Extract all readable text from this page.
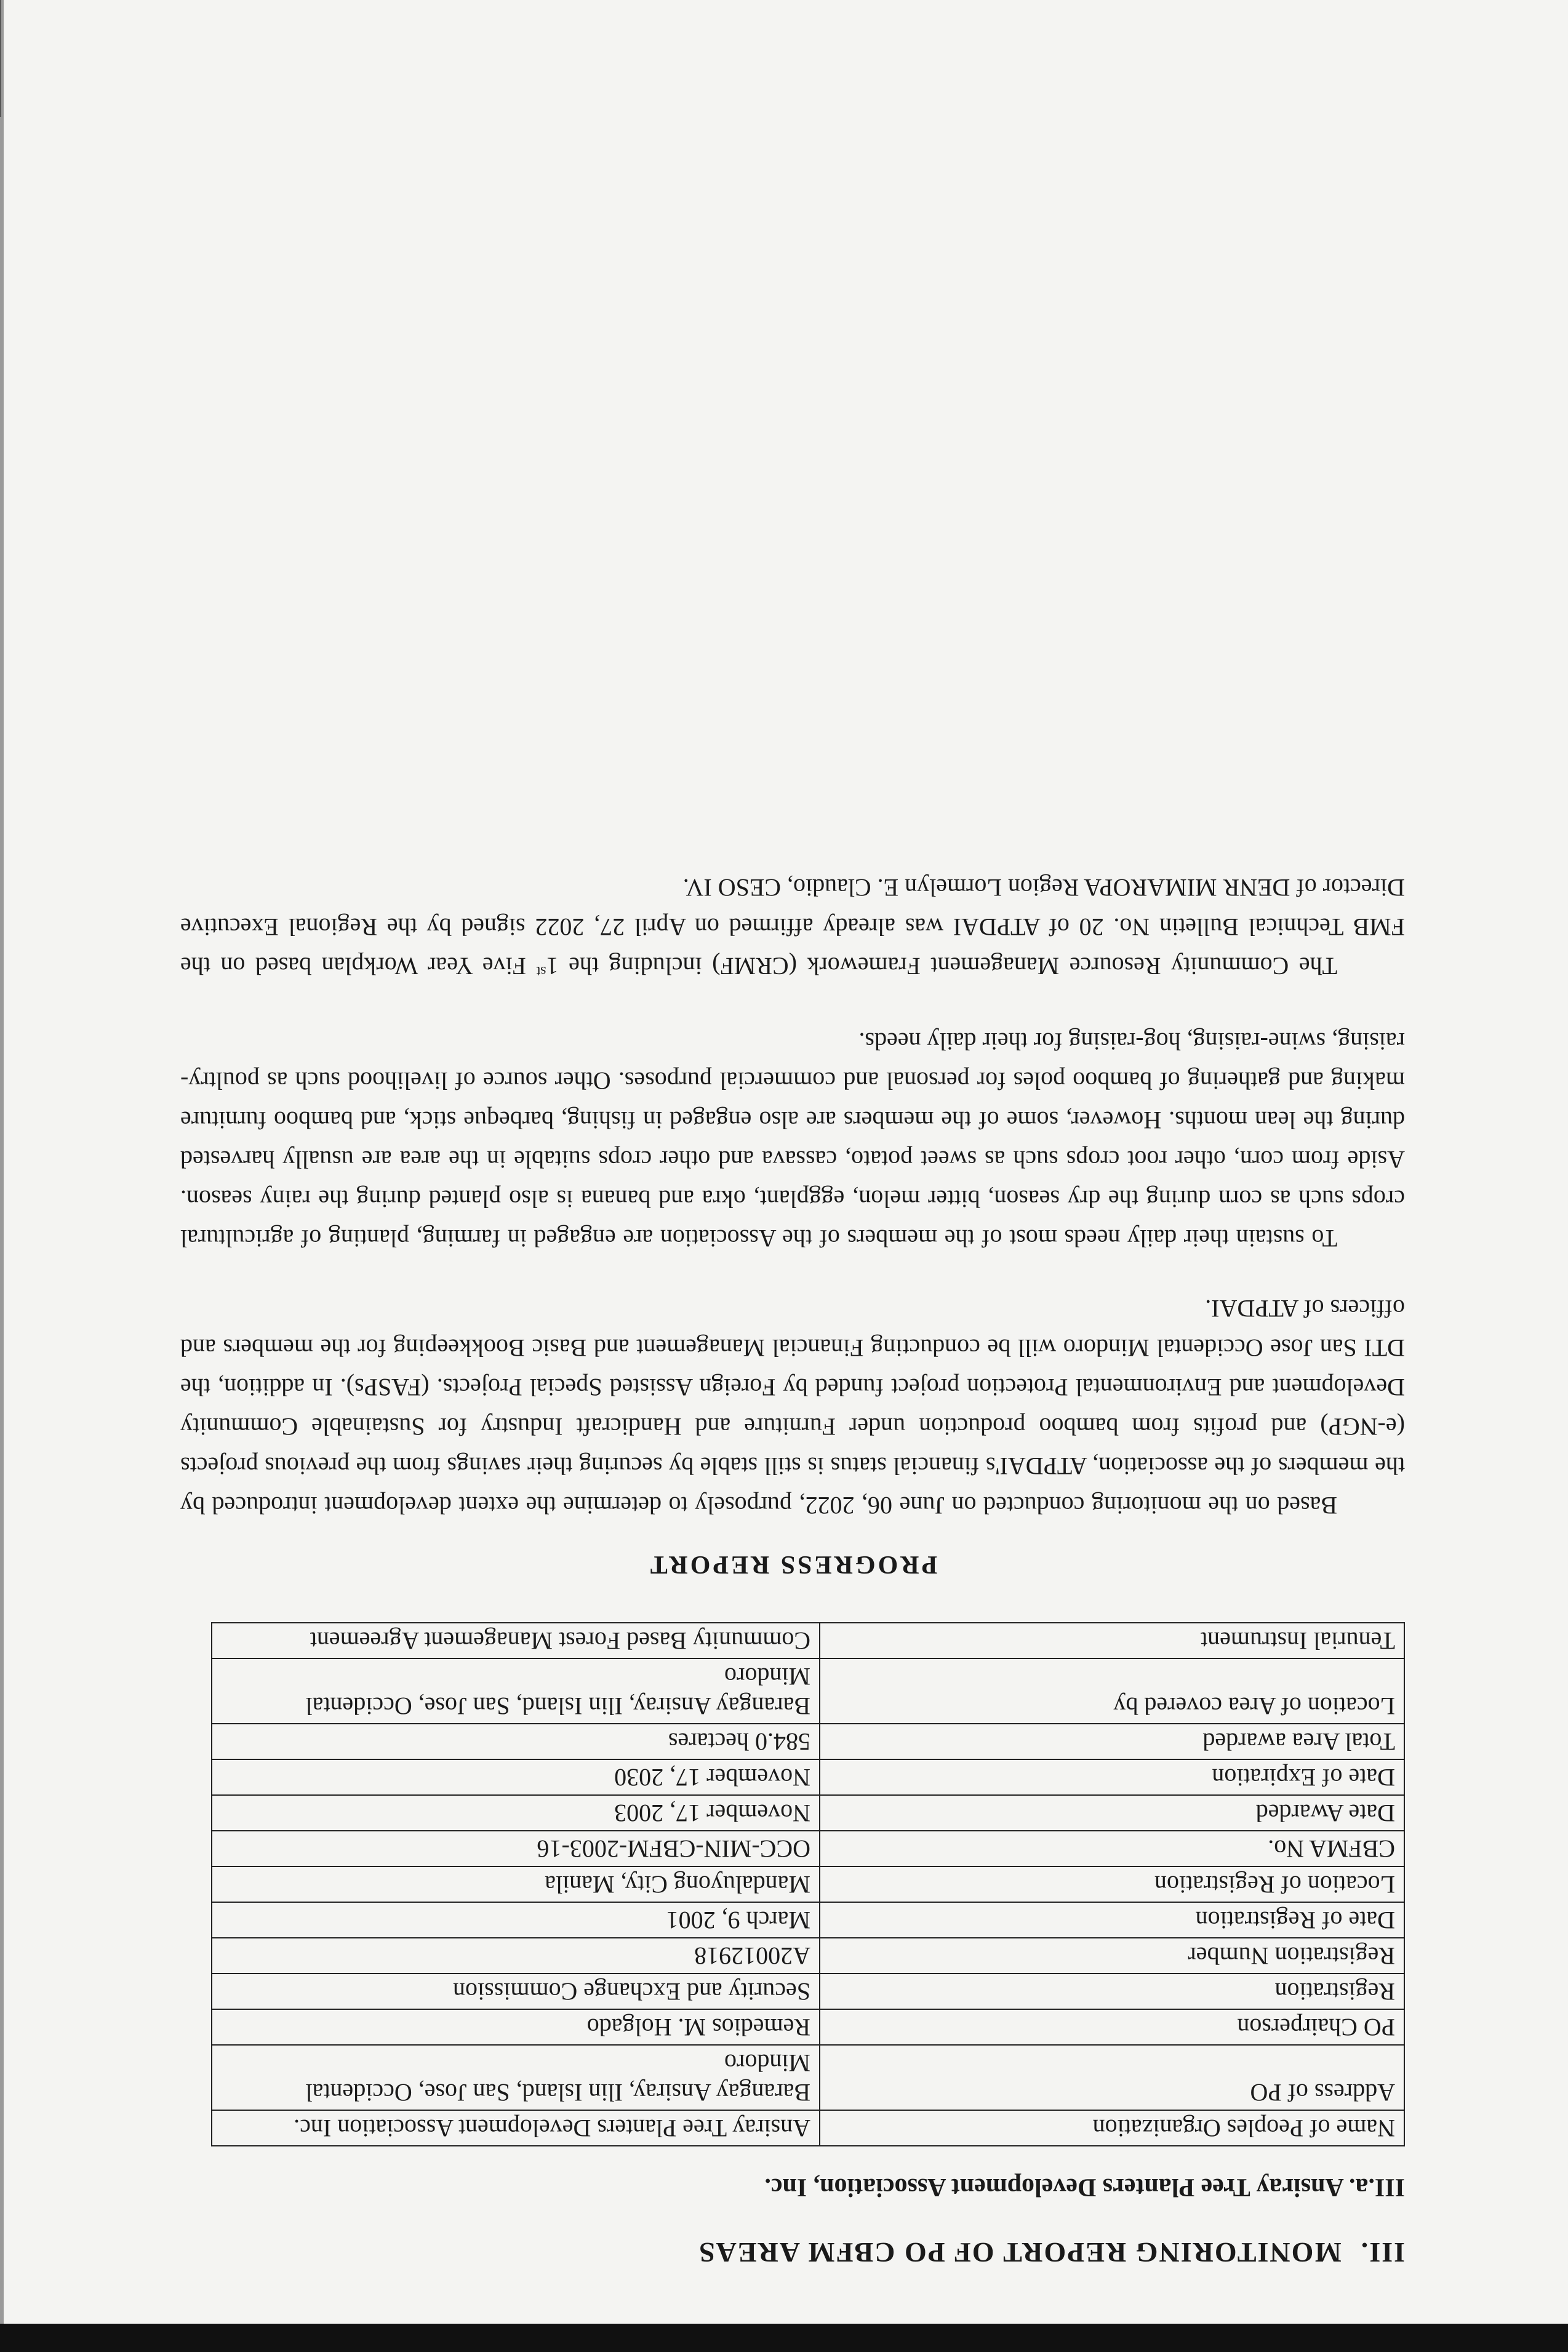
III.MONITORING REPORT OF PO CBFM AREAS
III.a. Ansiray Tree Planters Development Association, Inc.
Name of Peoples Organization	Ansiray Tree Planters Development Association Inc.
Address of PO	Barangay Ansiray, Ilin Island, San Jose, Occidental Mindoro
PO Chairperson	Remedios M. Holgado
Registration	Security and Exchange Commission
Registration Number	A20012918
Date of Registration	March 9, 2001
Location of Registration	Mandaluyong City, Manila
CBFMA No.	OCC-MIN-CBFM-2003-16
Date Awarded	November 17, 2003
Date of Expiration	November 17, 2030
Total Area awarded	584.0 hectares
Location of Area covered by	Barangay Ansiray, Ilin Island, San Jose, Occidental Mindoro
Tenurial Instrument	Community Based Forest Management Agreement
PROGRESS REPORT

Based on the monitoring conducted on June 06, 2022, purposely to determine the extent development introduced by the members of the association, ATPDAI's financial status is still stable by securing their savings from the previous projects (e-NGP) and profits from bamboo production under Furniture and Handicraft Industry for Sustainable Community Development and Environmental Protection project funded by Foreign Assisted Special Projects. (FASPs). In addition, the DTI San Jose Occidental Mindoro will be conducting Financial Management and Basic Bookkeeping for the members and officers of ATPDAI.

To sustain their daily needs most of the members of the Association are engaged in farming, planting of agricultural crops such as corn during the dry season, bitter melon, eggplant, okra and banana is also planted during the rainy season. Aside from corn, other root crops such as sweet potato, cassava and other crops suitable in the area are usually harvested during the lean months. However, some of the members are also engaged in fishing, barbeque stick, and bamboo furniture making and gathering of bamboo poles for personal and commercial purposes. Other source of livelihood such as poultry-raising, swine-raising, hog-raising for their daily needs.

The Community Resource Management Framework (CRMF) including the 1st Five Year Workplan based on the FMB Technical Bulletin No. 20 of ATPDAI was already affirmed on April 27, 2022 signed by the Regional Executive Director of DENR MIMAROPA Region Lormelyn E. Claudio, CESO IV.
